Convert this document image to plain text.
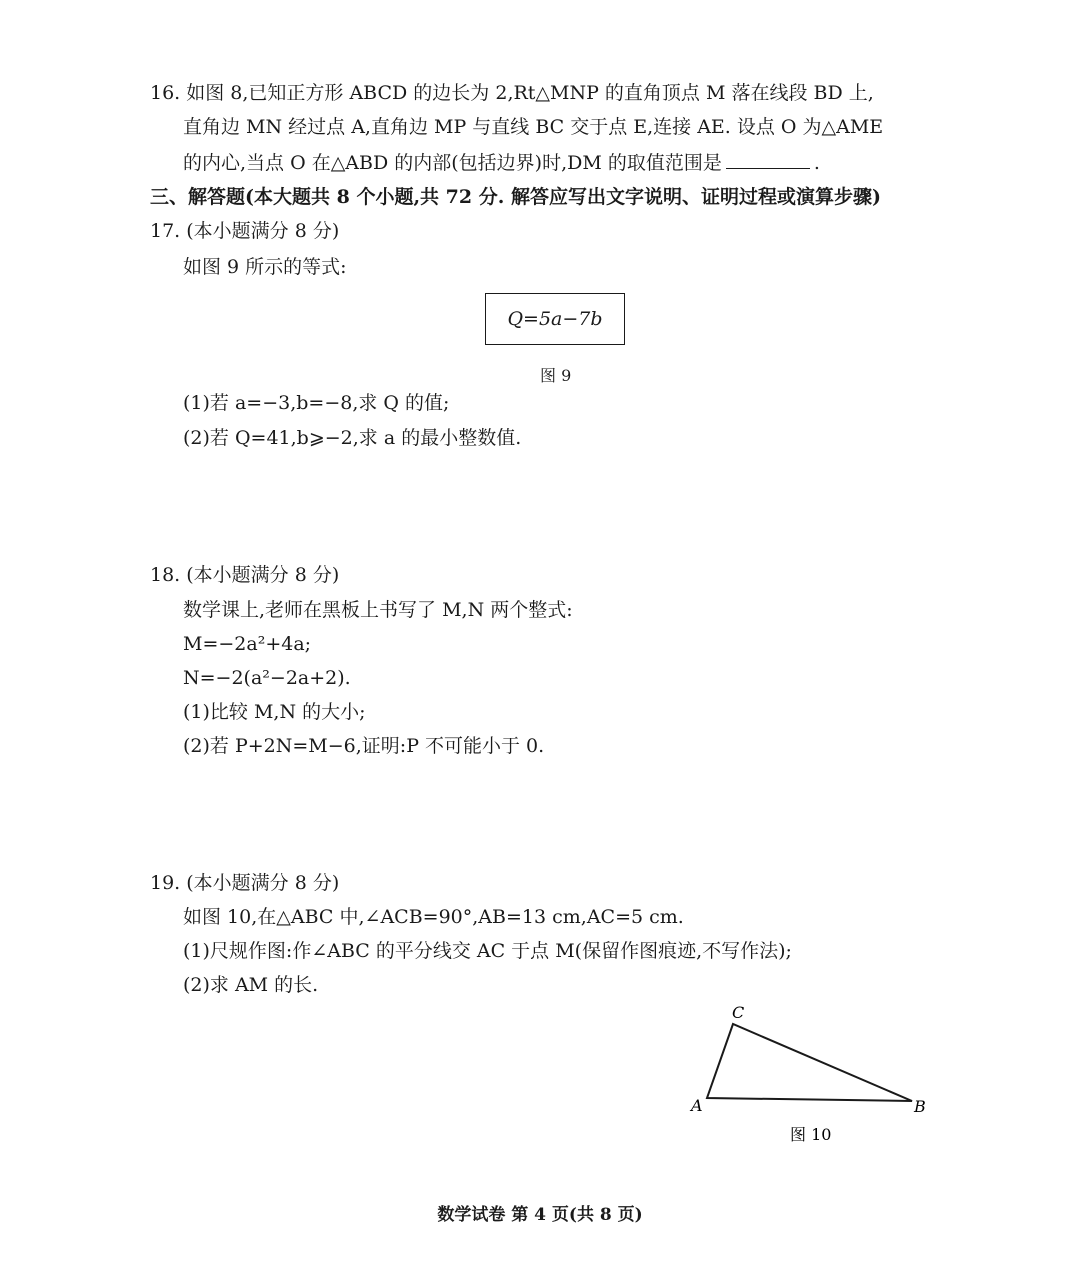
16. 如图 8,已知正方形 ABCD 的边长为 2,Rt△MNP 的直角顶点 M 落在线段 BD 上,
直角边 MN 经过点 A,直角边 MP 与直线 BC 交于点 E,连接 AE. 设点 O 为△AME
的内心,当点 O 在△ABD 的内部(包括边界)时,DM 的取值范围是	.
三、解答题(本大题共 8 个小题,共 72 分. 解答应写出文字说明、证明过程或演算步骤)
17. (本小题满分 8 分)
如图 9 所示的等式:
Q=5a−7b
图 9
(1)若 a=−3,b=−8,求 Q 的值;
(2)若 Q=41,b⩾−2,求 a 的最小整数值.
18. (本小题满分 8 分)
数学课上,老师在黑板上书写了 M,N 两个整式:
M=−2a²+4a;
N=−2(a²−2a+2).
(1)比较 M,N 的大小;
(2)若 P+2N=M−6,证明:P 不可能小于 0.
19. (本小题满分 8 分)
如图 10,在△ABC 中,∠ACB=90°,AB=13 cm,AC=5 cm.
(1)尺规作图:作∠ABC 的平分线交 AC 于点 M(保留作图痕迹,不写作法);
(2)求 AM 的长.
C
A	B
图 10
数学试卷 第 4 页(共 8 页)
